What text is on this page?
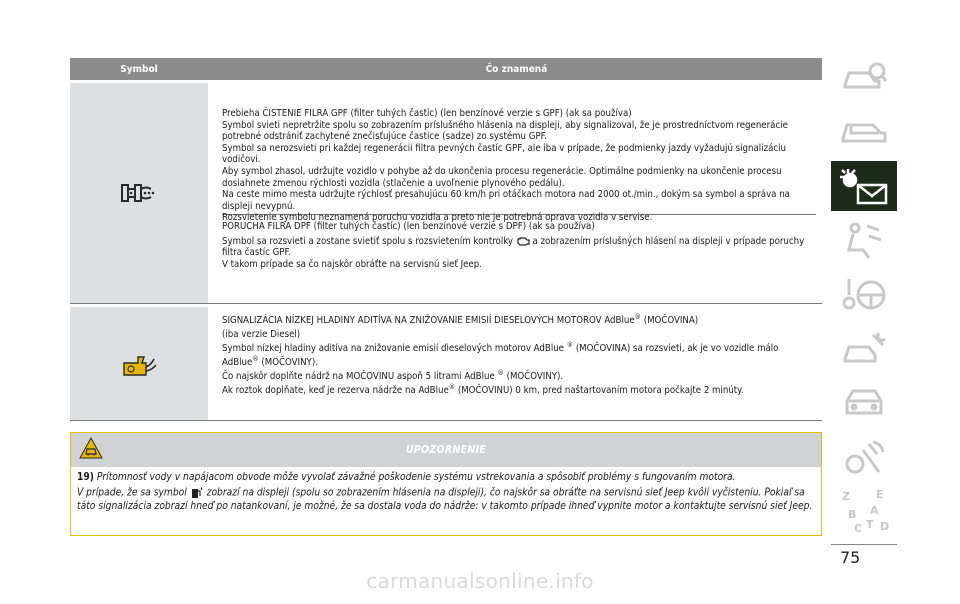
Symbol	Čo znamená

Prebieha ČISTENIE FILRA GPF (filter tuhých častíc) (len benzínové verzie s GPF) (ak sa používa)

Symbol svieti nepretržite spolu so zobrazením príslušného hlásenia na displeji, aby signalizoval, že je prostredníctvom regenerácie potrebné odstrániť zachytené znečisťujúce častice (sadze) zo systému GPF.

Symbol sa nerozsvieti pri každej regenerácii filtra pevných častíc GPF, ale iba v prípade, že podmienky jazdy vyžadujú signalizáciu vodičovi.

Aby symbol zhasol, udržujte vozidlo v pohybe až do ukončenia procesu regenerácie. Optimálne podmienky na ukončenie procesu dosiahnete zmenou rýchlosti vozidla (stlačenie a uvoľnenie plynového pedálu).

Na ceste mimo mesta udržujte rýchlosť presahujúcu 60 km/h pri otáčkach motora nad 2000 ot./min., dokým sa symbol a správa na displeji nevypnú.

Rozsvietenie symbolu neznamená poruchu vozidla a preto nie je potrebná oprava vozidla v servise.

PORUCHA FILRA DPF (filter tuhých častíc) (len benzínové verzie s DPF) (ak sa používa)

Symbol sa rozsvieti a zostane svietiť spolu s rozsvietením kontrolky a zobrazením príslušných hlásení na displeji v prípade poruchy filtra častíc GPF.

V takom prípade sa čo najskôr obráťte na servisnú sieť Jeep.

SIGNALIZÁCIA NÍZKEJ HLADINY ADITÍVA NA ZNIŽOVANIE EMISIÍ DIESELOVÝCH MOTOROV AdBlue® (MOČOVINA)

(iba verzie Diesel)

Symbol nízkej hladiny aditíva na znižovanie emisií dieselových motorov AdBlue ® (MOČOVINA) sa rozsvieti, ak je vo vozidle málo AdBlue® (MOČOVINY).

Čo najskôr doplňte nádrž na MOČOVINU aspoň 5 litrami AdBlue ® (MOČOVINY).

Ak roztok doplňate, keď je rezerva nádrže na AdBlue® (MOČOVINU) 0 km, pred naštartovaním motora počkajte 2 minúty.

UPOZORNENIE

19) Prítomnosť vody v napájacom obvode môže vyvolať závažné poškodenie systému vstrekovania a spôsobiť problémy s fungovaním motora.

V prípade, že sa symbol zobrazí na displeji (spolu so zobrazením hlásenia na displeji), čo najskôr sa obráťte na servisnú sieť Jeep kvôli vyčisteniu. Pokiaľ sa táto signalizácia zobrazí hneď po natankovaní, je možné, že sa dostala voda do nádrže: v takomto prípade ihneď vypnite motor a kontaktujte servisnú sieť Jeep.

Z E
B A
C T D
75
carmanualsonline.info
